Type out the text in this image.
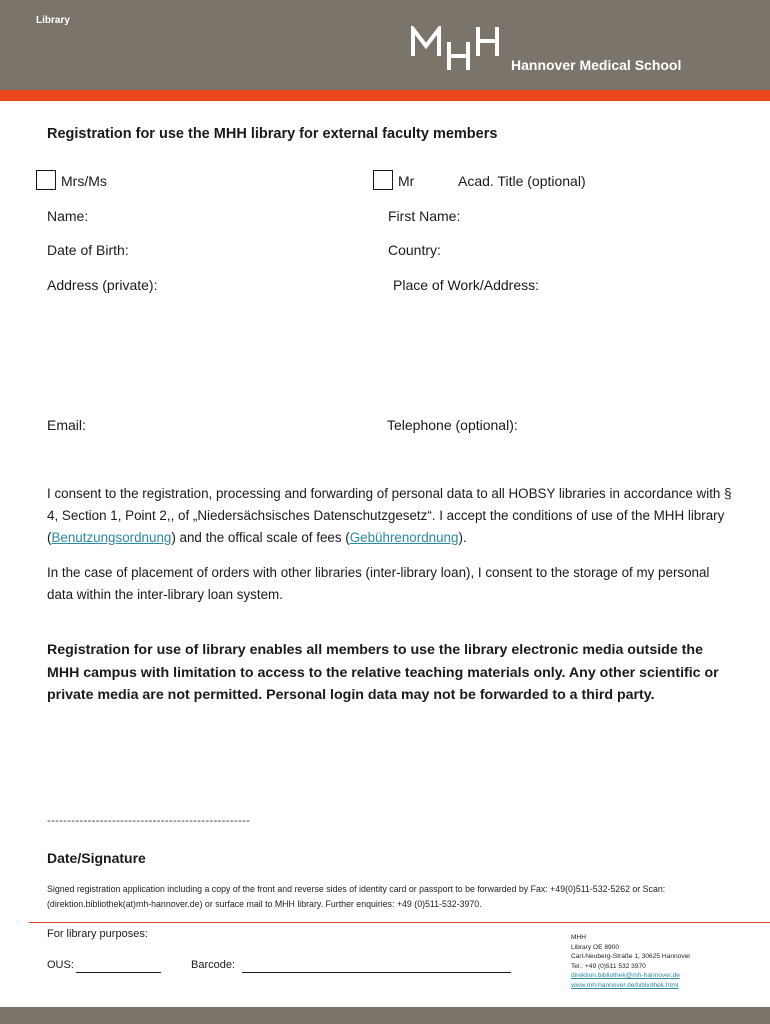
Library
Hannover Medical School
Registration for use the MHH library for external faculty members
Mrs/Ms	Mr	Acad. Title (optional)
Name:	First Name:
Date of Birth:	Country:
Address (private):	Place of Work/Address:
Email:	Telephone (optional):
I consent to the registration, processing and forwarding of personal data to all HOBSY libraries in accordance with § 4, Section 1, Point 2,, of „Niedersächsisches Datenschutzgesetz“. I accept the conditions of use of the MHH library (Benutzungsordnung) and the offical scale of fees (Gebührenordnung).
In the case of placement of orders with other libraries (inter-library loan), I consent to the storage of my personal data within the inter-library loan system.
Registration for use of library enables all members to use the library electronic media outside the MHH campus with limitation to access to the relative teaching materials only. Any other scientific or private media are not permitted. Personal login data may not be forwarded to a third party.
--------------------------------------------------
Date/Signature
Signed registration application including a copy of the front and reverse sides of identity card or passport to be forwarded by Fax: +49(0)511-532-5262 or Scan: (direktion.bibliothek(at)mh-hannover.de) or surface mail to MHH library. Further enquiries: +49 (0)511-532-3970.
For library purposes:
OUS:	Barcode:
MHH
Library OE 8900
Carl-Neuberg-Straße 1, 30625 Hannover
Tel.: +49 (0)511 532 3970
direktion.bibliothek@mh-hannover.de
www.mh-hannover.de/bibliothek.html
